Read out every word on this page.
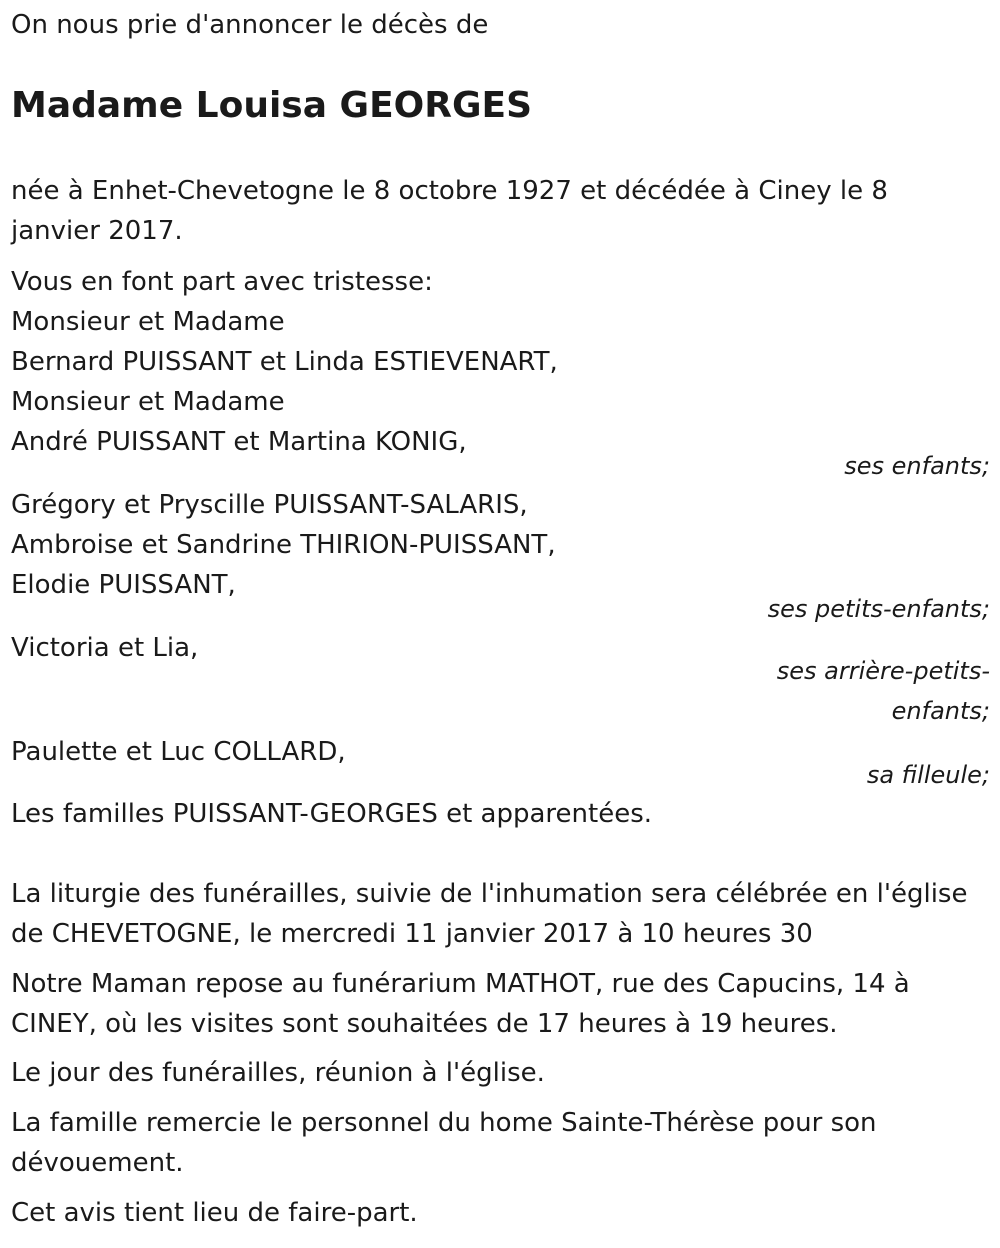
On nous prie d'annoncer le décès de
Madame Louisa GEORGES
née à Enhet-Chevetogne le 8 octobre 1927 et décédée à Ciney le 8
janvier 2017.
Vous en font part avec tristesse:
Monsieur et Madame
Bernard PUISSANT et Linda ESTIEVENART,
Monsieur et Madame
André PUISSANT et Martina KONIG,
ses enfants;
Grégory et Pryscille PUISSANT-SALARIS,
Ambroise et Sandrine THIRION-PUISSANT,
Elodie PUISSANT,
ses petits-enfants;
Victoria et Lia,
ses arrière-petits-
enfants;
Paulette et Luc COLLARD,
sa filleule;
Les familles PUISSANT-GEORGES et apparentées.
La liturgie des funérailles, suivie de l'inhumation sera célébrée en l'église
de CHEVETOGNE, le mercredi 11 janvier 2017 à 10 heures 30
Notre Maman repose au funérarium MATHOT, rue des Capucins, 14 à
CINEY, où les visites sont souhaitées de 17 heures à 19 heures.
Le jour des funérailles, réunion à l'église.
La famille remercie le personnel du home Sainte-Thérèse pour son
dévouement.
Cet avis tient lieu de faire-part.
